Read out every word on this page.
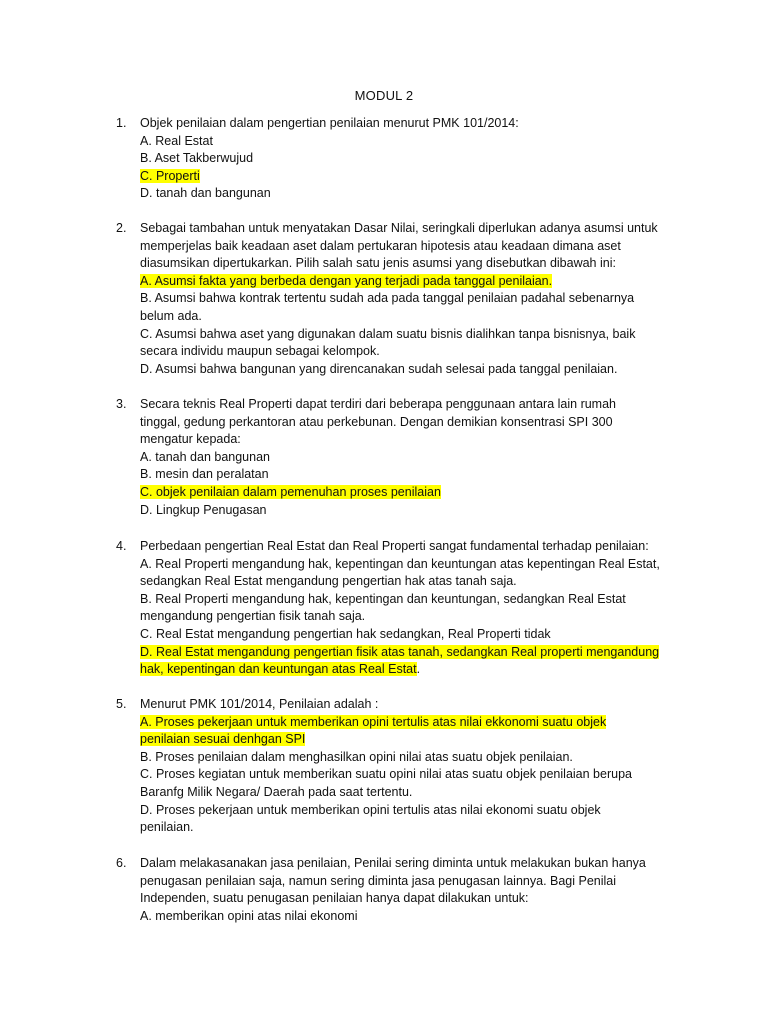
MODUL 2
1. Objek penilaian dalam pengertian penilaian menurut PMK 101/2014:
A. Real Estat
B. Aset Takberwujud
C. Properti
D. tanah dan bangunan
2. Sebagai tambahan untuk menyatakan Dasar Nilai, seringkali diperlukan adanya asumsi untuk
memperjelas baik keadaan aset dalam pertukaran hipotesis atau keadaan dimana aset
diasumsikan dipertukarkan. Pilih salah satu jenis asumsi yang disebutkan dibawah ini:
A. Asumsi fakta yang berbeda dengan yang terjadi pada tanggal penilaian.
B. Asumsi bahwa kontrak tertentu sudah ada pada tanggal penilaian padahal sebenarnya
belum ada.
C. Asumsi bahwa aset yang digunakan dalam suatu bisnis dialihkan tanpa bisnisnya, baik
secara individu maupun sebagai kelompok.
D. Asumsi bahwa bangunan yang direncanakan sudah selesai pada tanggal penilaian.
3. Secara teknis Real Properti dapat terdiri dari beberapa penggunaan antara lain rumah
tinggal, gedung perkantoran atau perkebunan. Dengan demikian konsentrasi SPI 300
mengatur kepada:
A. tanah dan bangunan
B. mesin dan peralatan
C. objek penilaian dalam pemenuhan proses penilaian
D. Lingkup Penugasan
4. Perbedaan pengertian Real Estat dan Real Properti sangat fundamental terhadap penilaian:
A. Real Properti mengandung hak, kepentingan dan keuntungan atas kepentingan Real Estat,
sedangkan Real Estat mengandung pengertian hak atas tanah saja.
B. Real Properti mengandung hak, kepentingan dan keuntungan, sedangkan Real Estat
mengandung pengertian fisik tanah saja.
C. Real Estat mengandung pengertian hak sedangkan, Real Properti tidak
D. Real Estat mengandung pengertian fisik atas tanah, sedangkan Real properti mengandung
hak, kepentingan dan keuntungan atas Real Estat.
5. Menurut PMK 101/2014, Penilaian adalah :
A. Proses pekerjaan untuk memberikan opini tertulis atas nilai ekkonomi suatu objek
penilaian sesuai denhgan SPI
B. Proses penilaian dalam menghasilkan opini nilai atas suatu objek penilaian.
C. Proses kegiatan untuk memberikan suatu opini nilai atas suatu objek penilaian berupa
Baranfg Milik Negara/ Daerah pada saat tertentu.
D. Proses pekerjaan untuk memberikan opini tertulis atas nilai ekonomi suatu objek
penilaian.
6. Dalam melakasanakan jasa penilaian, Penilai sering diminta untuk melakukan bukan hanya
penugasan penilaian saja, namun sering diminta jasa penugasan lainnya. Bagi Penilai
Independen, suatu penugasan penilaian hanya dapat dilakukan untuk:
A. memberikan opini atas nilai ekonomi
